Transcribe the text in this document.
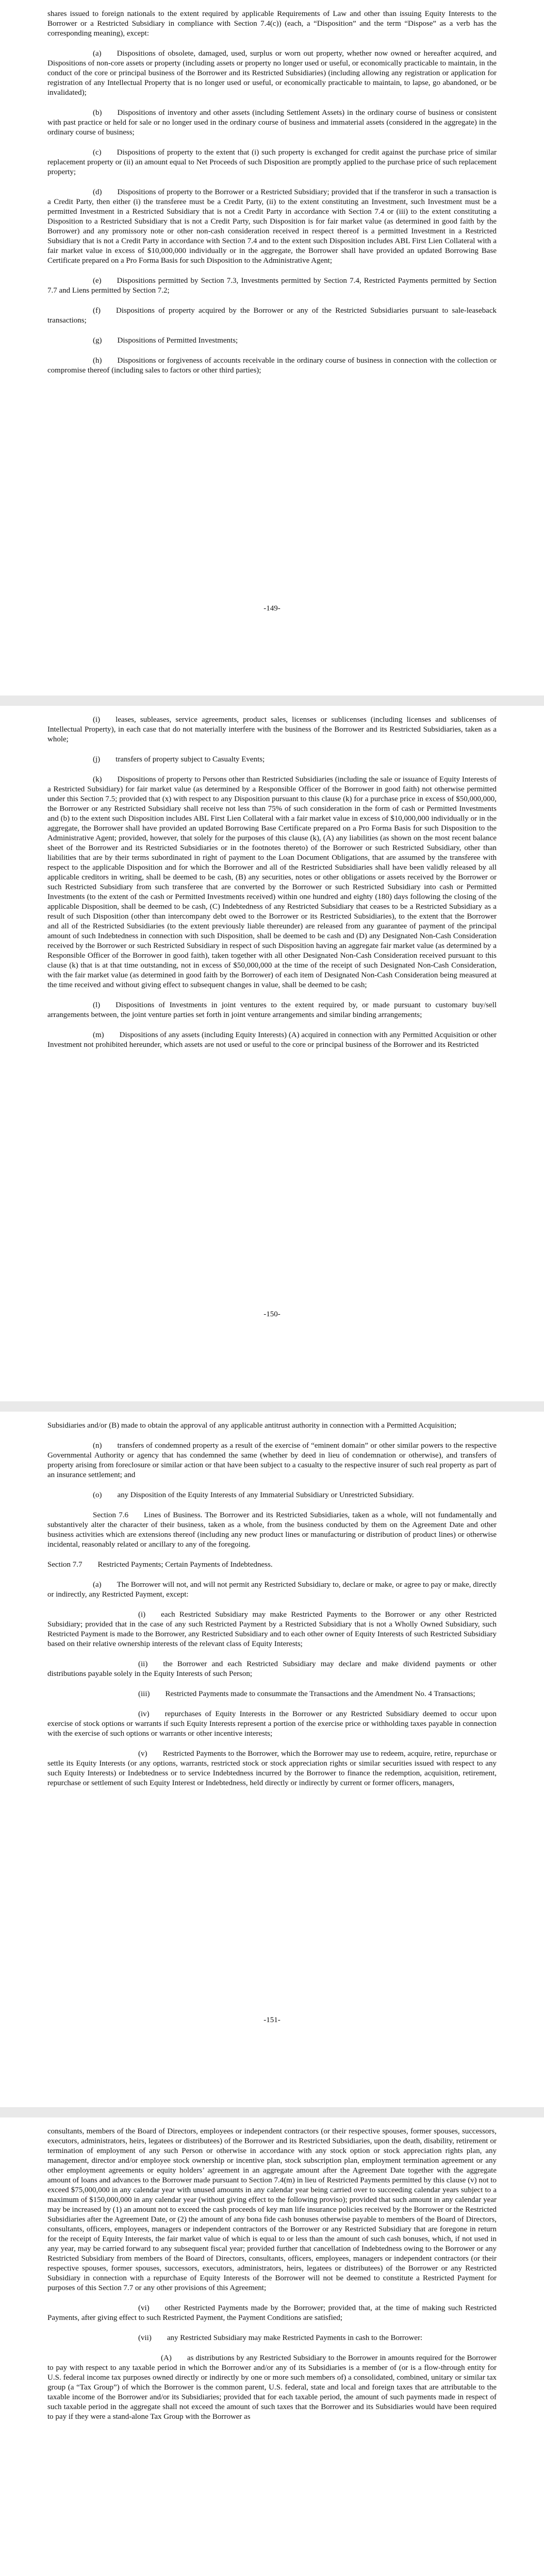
shares issued to foreign nationals to the extent required by applicable Requirements of Law and other than issuing Equity Interests to the Borrower or a Restricted Subsidiary in compliance with Section 7.4(c)) (each, a “Disposition” and the term “Dispose” as a verb has the corresponding meaning), except:

(a)  Dispositions of obsolete, damaged, used, surplus or worn out property, whether now owned or hereafter acquired, and Dispositions of non-core assets or property (including assets or property no longer used or useful, or economically practicable to maintain, in the conduct of the core or principal business of the Borrower and its Restricted Subsidiaries) (including allowing any registration or application for registration of any Intellectual Property that is no longer used or useful, or economically practicable to maintain, to lapse, go abandoned, or be invalidated);

(b)  Dispositions of inventory and other assets (including Settlement Assets) in the ordinary course of business or consistent with past practice or held for sale or no longer used in the ordinary course of business and immaterial assets (considered in the aggregate) in the ordinary course of business;

(c)  Dispositions of property to the extent that (i) such property is exchanged for credit against the purchase price of similar replacement property or (ii) an amount equal to Net Proceeds of such Disposition are promptly applied to the purchase price of such replacement property;

(d)  Dispositions of property to the Borrower or a Restricted Subsidiary; provided that if the transferor in such a transaction is a Credit Party, then either (i) the transferee must be a Credit Party, (ii) to the extent constituting an Investment, such Investment must be a permitted Investment in a Restricted Subsidiary that is not a Credit Party in accordance with Section 7.4 or (iii) to the extent constituting a Disposition to a Restricted Subsidiary that is not a Credit Party, such Disposition is for fair market value (as determined in good faith by the Borrower) and any promissory note or other non-cash consideration received in respect thereof is a permitted Investment in a Restricted Subsidiary that is not a Credit Party in accordance with Section 7.4 and to the extent such Disposition includes ABL First Lien Collateral with a fair market value in excess of $10,000,000 individually or in the aggregate, the Borrower shall have provided an updated Borrowing Base Certificate prepared on a Pro Forma Basis for such Disposition to the Administrative Agent;

(e)  Dispositions permitted by Section 7.3, Investments permitted by Section 7.4, Restricted Payments permitted by Section 7.7 and Liens permitted by Section 7.2;

(f)  Dispositions of property acquired by the Borrower or any of the Restricted Subsidiaries pursuant to sale-leaseback transactions;

(g)  Dispositions of Permitted Investments;

(h)  Dispositions or forgiveness of accounts receivable in the ordinary course of business in connection with the collection or compromise thereof (including sales to factors or other third parties);

-149-

(i)  leases, subleases, service agreements, product sales, licenses or sublicenses (including licenses and sublicenses of Intellectual Property), in each case that do not materially interfere with the business of the Borrower and its Restricted Subsidiaries, taken as a whole;

(j)  transfers of property subject to Casualty Events;

(k)  Dispositions of property to Persons other than Restricted Subsidiaries (including the sale or issuance of Equity Interests of a Restricted Subsidiary) for fair market value (as determined by a Responsible Officer of the Borrower in good faith) not otherwise permitted under this Section 7.5; provided that (x) with respect to any Disposition pursuant to this clause (k) for a purchase price in excess of $50,000,000, the Borrower or any Restricted Subsidiary shall receive not less than 75% of such consideration in the form of cash or Permitted Investments and (b) to the extent such Disposition includes ABL First Lien Collateral with a fair market value in excess of $10,000,000 individually or in the aggregate, the Borrower shall have provided an updated Borrowing Base Certificate prepared on a Pro Forma Basis for such Disposition to the Administrative Agent; provided, however, that solely for the purposes of this clause (k), (A) any liabilities (as shown on the most recent balance sheet of the Borrower and its Restricted Subsidiaries or in the footnotes thereto) of the Borrower or such Restricted Subsidiary, other than liabilities that are by their terms subordinated in right of payment to the Loan Document Obligations, that are assumed by the transferee with respect to the applicable Disposition and for which the Borrower and all of the Restricted Subsidiaries shall have been validly released by all applicable creditors in writing, shall be deemed to be cash, (B) any securities, notes or other obligations or assets received by the Borrower or such Restricted Subsidiary from such transferee that are converted by the Borrower or such Restricted Subsidiary into cash or Permitted Investments (to the extent of the cash or Permitted Investments received) within one hundred and eighty (180) days following the closing of the applicable Disposition, shall be deemed to be cash, (C) Indebtedness of any Restricted Subsidiary that ceases to be a Restricted Subsidiary as a result of such Disposition (other than intercompany debt owed to the Borrower or its Restricted Subsidiaries), to the extent that the Borrower and all of the Restricted Subsidiaries (to the extent previously liable thereunder) are released from any guarantee of payment of the principal amount of such Indebtedness in connection with such Disposition, shall be deemed to be cash and (D) any Designated Non-Cash Consideration received by the Borrower or such Restricted Subsidiary in respect of such Disposition having an aggregate fair market value (as determined by a Responsible Officer of the Borrower in good faith), taken together with all other Designated Non-Cash Consideration received pursuant to this clause (k) that is at that time outstanding, not in excess of $50,000,000 at the time of the receipt of such Designated Non-Cash Consideration, with the fair market value (as determined in good faith by the Borrower) of each item of Designated Non-Cash Consideration being measured at the time received and without giving effect to subsequent changes in value, shall be deemed to be cash;

(l)  Dispositions of Investments in joint ventures to the extent required by, or made pursuant to customary buy/sell arrangements between, the joint venture parties set forth in joint venture arrangements and similar binding arrangements;

(m)  Dispositions of any assets (including Equity Interests) (A) acquired in connection with any Permitted Acquisition or other Investment not prohibited hereunder, which assets are not used or useful to the core or principal business of the Borrower and its Restricted

-150-

Subsidiaries and/or (B) made to obtain the approval of any applicable antitrust authority in connection with a Permitted Acquisition;

(n)  transfers of condemned property as a result of the exercise of “eminent domain” or other similar powers to the respective Governmental Authority or agency that has condemned the same (whether by deed in lieu of condemnation or otherwise), and transfers of property arising from foreclosure or similar action or that have been subject to a casualty to the respective insurer of such real property as part of an insurance settlement; and

(o)  any Disposition of the Equity Interests of any Immaterial Subsidiary or Unrestricted Subsidiary.

Section 7.6  Lines of Business. The Borrower and its Restricted Subsidiaries, taken as a whole, will not fundamentally and substantively alter the character of their business, taken as a whole, from the business conducted by them on the Agreement Date and other business activities which are extensions thereof (including any new product lines or manufacturing or distribution of product lines) or otherwise incidental, reasonably related or ancillary to any of the foregoing.

Section 7.7  Restricted Payments; Certain Payments of Indebtedness.

(a)  The Borrower will not, and will not permit any Restricted Subsidiary to, declare or make, or agree to pay or make, directly or indirectly, any Restricted Payment, except:

(i)  each Restricted Subsidiary may make Restricted Payments to the Borrower or any other Restricted Subsidiary; provided that in the case of any such Restricted Payment by a Restricted Subsidiary that is not a Wholly Owned Subsidiary, such Restricted Payment is made to the Borrower, any Restricted Subsidiary and to each other owner of Equity Interests of such Restricted Subsidiary based on their relative ownership interests of the relevant class of Equity Interests;

(ii)  the Borrower and each Restricted Subsidiary may declare and make dividend payments or other distributions payable solely in the Equity Interests of such Person;

(iii)  Restricted Payments made to consummate the Transactions and the Amendment No. 4 Transactions;

(iv)  repurchases of Equity Interests in the Borrower or any Restricted Subsidiary deemed to occur upon exercise of stock options or warrants if such Equity Interests represent a portion of the exercise price or withholding taxes payable in connection with the exercise of such options or warrants or other incentive interests;

(v)  Restricted Payments to the Borrower, which the Borrower may use to redeem, acquire, retire, repurchase or settle its Equity Interests (or any options, warrants, restricted stock or stock appreciation rights or similar securities issued with respect to any such Equity Interests) or Indebtedness or to service Indebtedness incurred by the Borrower to finance the redemption, acquisition, retirement, repurchase or settlement of such Equity Interest or Indebtedness, held directly or indirectly by current or former officers, managers,

-151-

consultants, members of the Board of Directors, employees or independent contractors (or their respective spouses, former spouses, successors, executors, administrators, heirs, legatees or distributees) of the Borrower and its Restricted Subsidiaries, upon the death, disability, retirement or termination of employment of any such Person or otherwise in accordance with any stock option or stock appreciation rights plan, any management, director and/or employee stock ownership or incentive plan, stock subscription plan, employment termination agreement or any other employment agreements or equity holders’ agreement in an aggregate amount after the Agreement Date together with the aggregate amount of loans and advances to the Borrower made pursuant to Section 7.4(m) in lieu of Restricted Payments permitted by this clause (v) not to exceed $75,000,000 in any calendar year with unused amounts in any calendar year being carried over to succeeding calendar years subject to a maximum of $150,000,000 in any calendar year (without giving effect to the following proviso); provided that such amount in any calendar year may be increased by (1) an amount not to exceed the cash proceeds of key man life insurance policies received by the Borrower or the Restricted Subsidiaries after the Agreement Date, or (2) the amount of any bona fide cash bonuses otherwise payable to members of the Board of Directors, consultants, officers, employees, managers or independent contractors of the Borrower or any Restricted Subsidiary that are foregone in return for the receipt of Equity Interests, the fair market value of which is equal to or less than the amount of such cash bonuses, which, if not used in any year, may be carried forward to any subsequent fiscal year; provided further that cancellation of Indebtedness owing to the Borrower or any Restricted Subsidiary from members of the Board of Directors, consultants, officers, employees, managers or independent contractors (or their respective spouses, former spouses, successors, executors, administrators, heirs, legatees or distributees) of the Borrower or any Restricted Subsidiary in connection with a repurchase of Equity Interests of the Borrower will not be deemed to constitute a Restricted Payment for purposes of this Section 7.7 or any other provisions of this Agreement;

(vi)  other Restricted Payments made by the Borrower; provided that, at the time of making such Restricted Payments, after giving effect to such Restricted Payment, the Payment Conditions are satisfied;

(vii)  any Restricted Subsidiary may make Restricted Payments in cash to the Borrower:

(A)  as distributions by any Restricted Subsidiary to the Borrower in amounts required for the Borrower to pay with respect to any taxable period in which the Borrower and/or any of its Subsidiaries is a member of (or is a flow-through entity for U.S. federal income tax purposes owned directly or indirectly by one or more such members of) a consolidated, combined, unitary or similar tax group (a “Tax Group”) of which the Borrower is the common parent, U.S. federal, state and local and foreign taxes that are attributable to the taxable income of the Borrower and/or its Subsidiaries; provided that for each taxable period, the amount of such payments made in respect of such taxable period in the aggregate shall not exceed the amount of such taxes that the Borrower and its Subsidiaries would have been required to pay if they were a stand-alone Tax Group with the Borrower as
